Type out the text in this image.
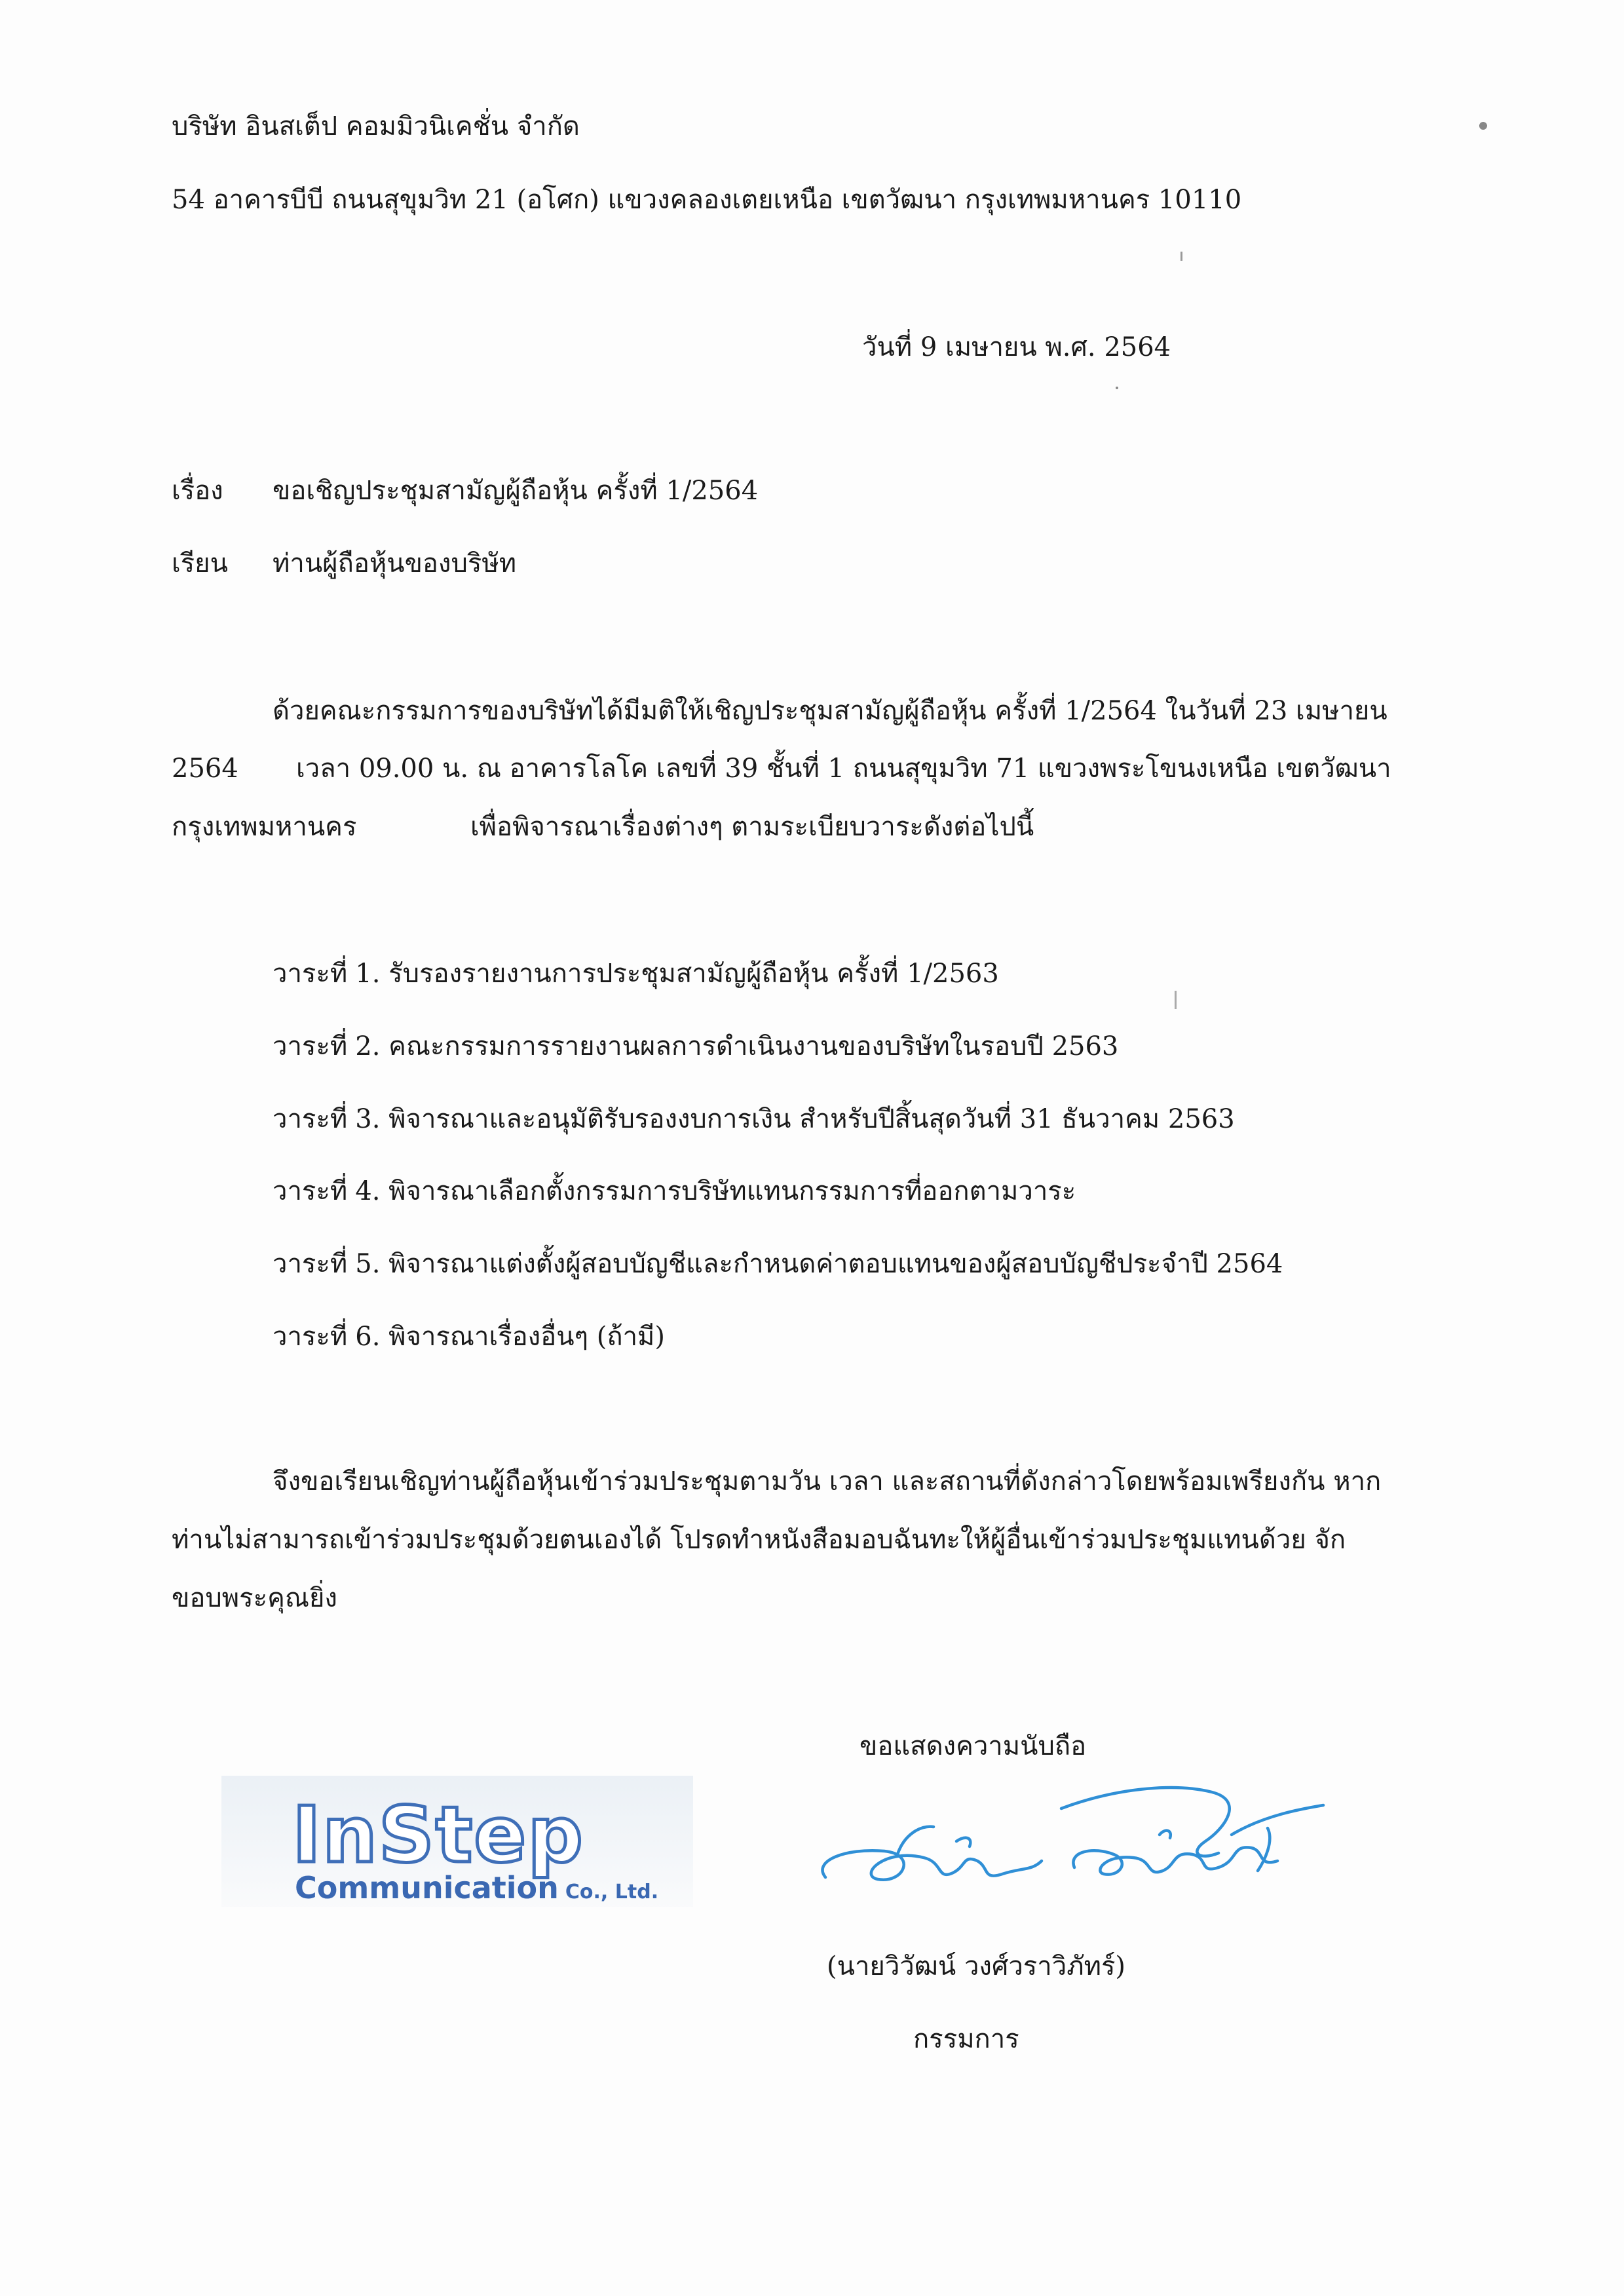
บริษัท อินสเต็ป คอมมิวนิเคชั่น จำกัด
54 อาคารบีบี ถนนสุขุมวิท 21 (อโศก) แขวงคลองเตยเหนือ เขตวัฒนา กรุงเทพมหานคร 10110
วันที่ 9 เมษายน พ.ศ. 2564
เรื่อง ขอเชิญประชุมสามัญผู้ถือหุ้น ครั้งที่ 1/2564
เรียน ท่านผู้ถือหุ้นของบริษัท
ด้วยคณะกรรมการของบริษัทได้มีมติให้เชิญประชุมสามัญผู้ถือหุ้น ครั้งที่ 1/2564 ในวันที่ 23 เมษายน
2564 เวลา 09.00 น. ณ อาคารโลโค เลขที่ 39 ชั้นที่ 1 ถนนสุขุมวิท 71 แขวงพระโขนงเหนือ เขตวัฒนา
กรุงเทพมหานคร	เพื่อพิจารณาเรื่องต่างๆ ตามระเบียบวาระดังต่อไปนี้
วาระที่ 1. รับรองรายงานการประชุมสามัญผู้ถือหุ้น ครั้งที่ 1/2563
วาระที่ 2. คณะกรรมการรายงานผลการดำเนินงานของบริษัทในรอบปี 2563
วาระที่ 3. พิจารณาและอนุมัติรับรองงบการเงิน สำหรับปีสิ้นสุดวันที่ 31 ธันวาคม 2563
วาระที่ 4. พิจารณาเลือกตั้งกรรมการบริษัทแทนกรรมการที่ออกตามวาระ
วาระที่ 5. พิจารณาแต่งตั้งผู้สอบบัญชีและกำหนดค่าตอบแทนของผู้สอบบัญชีประจำปี 2564
วาระที่ 6. พิจารณาเรื่องอื่นๆ (ถ้ามี)
จึงขอเรียนเชิญท่านผู้ถือหุ้นเข้าร่วมประชุมตามวัน เวลา และสถานที่ดังกล่าวโดยพร้อมเพรียงกัน หาก
ท่านไม่สามารถเข้าร่วมประชุมด้วยตนเองได้ โปรดทำหนังสือมอบฉันทะให้ผู้อื่นเข้าร่วมประชุมแทนด้วย จัก
ขอบพระคุณยิ่ง
ขอแสดงความนับถือ
InStep
Communication Co., Ltd.
(นายวิวัฒน์ วงศ์วราวิภัทร์)
กรรมการ
